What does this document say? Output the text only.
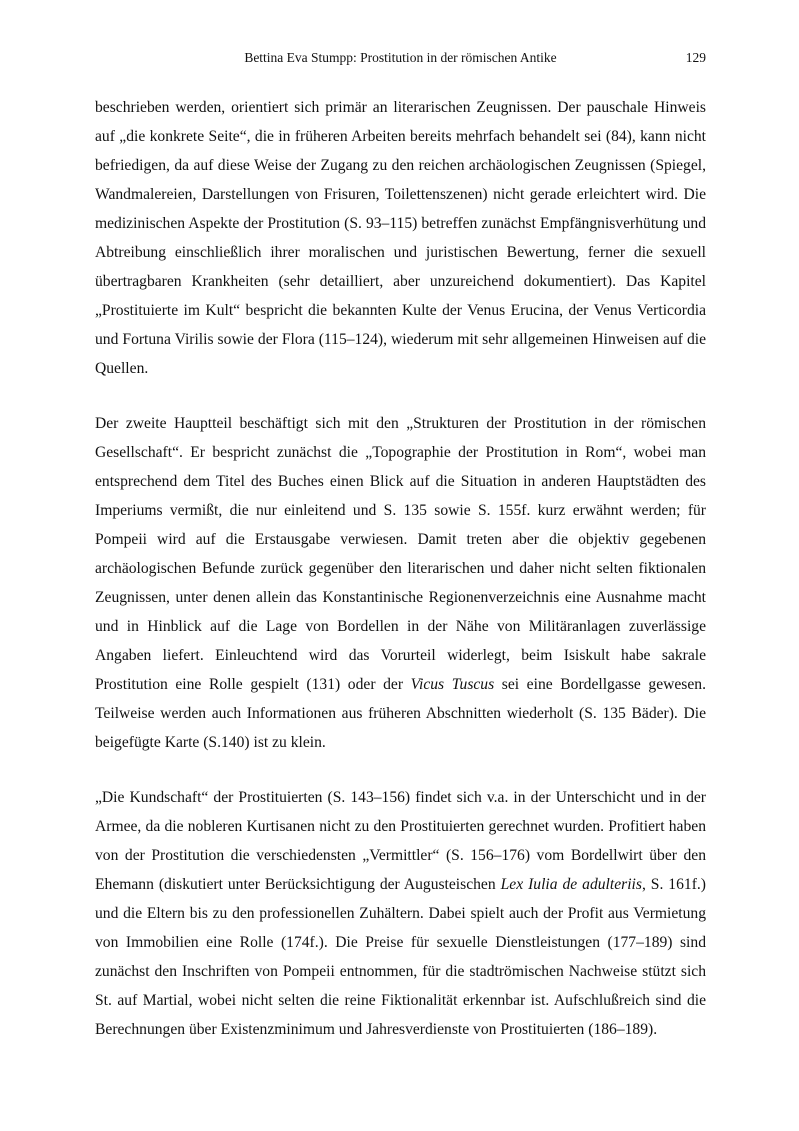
Bettina Eva Stumpp: Prostitution in der römischen Antike	129

beschrieben werden, orientiert sich primär an literarischen Zeugnissen. Der pauschale Hinweis auf „die konkrete Seite“, die in früheren Arbeiten bereits mehrfach behandelt sei (84), kann nicht befriedigen, da auf diese Weise der Zugang zu den reichen archäologischen Zeugnissen (Spiegel, Wandmalereien, Darstellungen von Frisuren, Toilettenszenen) nicht gerade erleichtert wird. Die medizinischen Aspekte der Prostitution (S. 93–115) betreffen zunächst Empfängnisverhütung und Abtreibung einschließlich ihrer moralischen und juristischen Bewertung, ferner die sexuell übertragbaren Krankheiten (sehr detailliert, aber unzureichend dokumentiert). Das Kapitel „Prostituierte im Kult“ bespricht die bekannten Kulte der Venus Erucina, der Venus Verticordia und Fortuna Virilis sowie der Flora (115–124), wiederum mit sehr allgemeinen Hinweisen auf die Quellen.

Der zweite Hauptteil beschäftigt sich mit den „Strukturen der Prostitution in der römischen Gesellschaft“. Er bespricht zunächst die „Topographie der Prostitution in Rom“, wobei man entsprechend dem Titel des Buches einen Blick auf die Situation in anderen Hauptstädten des Imperiums vermißt, die nur einleitend und S. 135 sowie S. 155f. kurz erwähnt werden; für Pompeii wird auf die Erstausgabe verwiesen. Damit treten aber die objektiv gegebenen archäologischen Befunde zurück gegenüber den literarischen und daher nicht selten fiktionalen Zeugnissen, unter denen allein das Konstantinische Regionenverzeichnis eine Ausnahme macht und in Hinblick auf die Lage von Bordellen in der Nähe von Militäranlagen zuverlässige Angaben liefert. Einleuchtend wird das Vorurteil widerlegt, beim Isiskult habe sakrale Prostitution eine Rolle gespielt (131) oder der Vicus Tuscus sei eine Bordellgasse gewesen. Teilweise werden auch Informationen aus früheren Abschnitten wiederholt (S. 135 Bäder). Die beigefügte Karte (S.140) ist zu klein.

„Die Kundschaft“ der Prostituierten (S. 143–156) findet sich v.a. in der Unterschicht und in der Armee, da die nobleren Kurtisanen nicht zu den Prostituierten gerechnet wurden. Profitiert haben von der Prostitution die verschiedensten „Vermittler“ (S. 156–176) vom Bordellwirt über den Ehemann (diskutiert unter Berücksichtigung der Augusteischen Lex Iulia de adulteriis, S. 161f.) und die Eltern bis zu den professionellen Zuhältern. Dabei spielt auch der Profit aus Vermietung von Immobilien eine Rolle (174f.). Die Preise für sexuelle Dienstleistungen (177–189) sind zunächst den Inschriften von Pompeii entnommen, für die stadtrömischen Nachweise stützt sich St. auf Martial, wobei nicht selten die reine Fiktionalität erkennbar ist. Aufschlußreich sind die Berechnungen über Existenzminimum und Jahresverdienste von Prostituierten (186–189).
